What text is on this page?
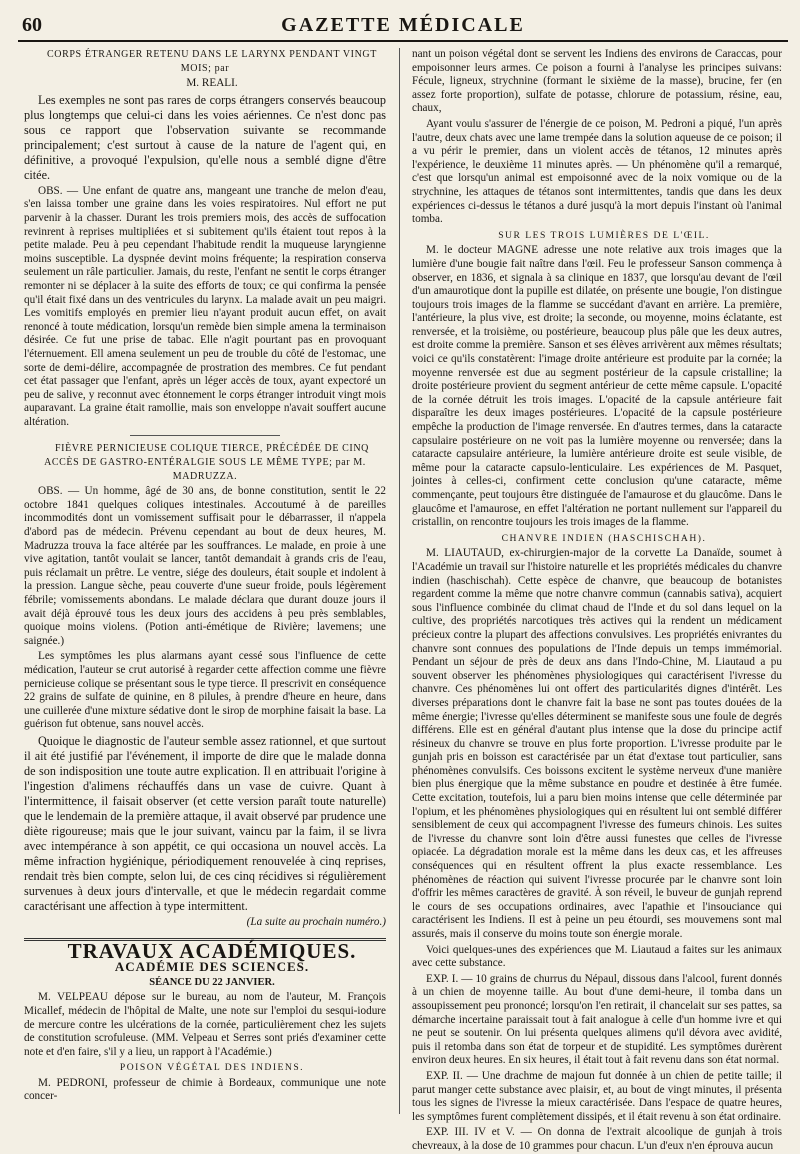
60	GAZETTE MÉDICALE

CORPS ÉTRANGER RETENU DANS LE LARYNX PENDANT VINGT MOIS; par

M. REALI.

Les exemples ne sont pas rares de corps étrangers conservés beaucoup plus longtemps que celui-ci dans les voies aériennes. Ce n'est donc pas sous ce rapport que l'observation suivante se recommande principalement; c'est surtout à cause de la nature de l'agent qui, en définitive, a provoqué l'expulsion, qu'elle nous a semblé digne d'être citée.

OBS. — Une enfant de quatre ans, mangeant une tranche de melon d'eau, s'en laissa tomber une graine dans les voies respiratoires. Nul effort ne put parvenir à la chasser. Durant les trois premiers mois, des accès de suffocation revinrent à reprises multipliées et si subitement qu'ils étaient tout repos à la petite malade. Peu à peu cependant l'habitude rendit la muqueuse laryngienne moins susceptible. La dyspnée devint moins fréquente; la respiration conserva seulement un râle particulier. Jamais, du reste, l'enfant ne sentit le corps étranger remonter ni se déplacer à la suite des efforts de toux; ce qui confirma la pensée qu'il était fixé dans un des ventricules du larynx. La malade avait un peu maigri. Les vomitifs employés en premier lieu n'ayant produit aucun effet, on avait renoncé à toute médication, lorsqu'un remède bien simple amena la terminaison désirée. Ce fut une prise de tabac. Elle n'agit pourtant pas en provoquant l'éternuement. Ell amena seulement un peu de trouble du côté de l'estomac, une sorte de demi-délire, accompagnée de prostration des membres. Ce fut pendant cet état passager que l'enfant, après un léger accès de toux, ayant expectoré un peu de salive, y reconnut avec étonnement le corps étranger introduit vingt mois auparavant. La graine était ramollie, mais son enveloppe n'avait souffert aucune altération.

FIÈVRE PERNICIEUSE COLIQUE TIERCE, PRÉCÉDÉE DE CINQ ACCÈS DE GASTRO-ENTÉRALGIE SOUS LE MÊME TYPE; par M. MADRUZZA.

OBS. — Un homme, âgé de 30 ans, de bonne constitution, sentit le 22 octobre 1841 quelques coliques intestinales. Accoutumé à de pareilles incommodités dont un vomissement suffisait pour le débarrasser, il n'appela d'abord pas de médecin. Prévenu cependant au bout de deux heures, M. Madruzza trouva la face altérée par les souffrances. Le malade, en proie à une vive agitation, tantôt voulait se lancer, tantôt demandait à grands cris de l'eau, puis réclamait un prêtre. Le ventre, siége des douleurs, était souple et indolent à la pression. Langue sèche, peau couverte d'une sueur froide, pouls légèrement fébrile; vomissements abondans. Le malade déclara que durant douze jours il avait déjà éprouvé tous les deux jours des accidens à peu près semblables, quoique moins violens. (Potion anti-émétique de Rivière; lavemens; une saignée.)

Les symptômes les plus alarmans ayant cessé sous l'influence de cette médication, l'auteur se crut autorisé à regarder cette affection comme une fièvre pernicieuse colique se présentant sous le type tierce. Il prescrivit en conséquence 22 grains de sulfate de quinine, en 8 pilules, à prendre d'heure en heure, dans une cuillerée d'une mixture sédative dont le sirop de morphine faisait la base. La guérison fut obtenue, sans nouvel accès.

Quoique le diagnostic de l'auteur semble assez rationnel, et que surtout il ait été justifié par l'événement, il importe de dire que le malade donna de son indisposition une toute autre explication. Il en attribuait l'origine à l'ingestion d'alimens réchauffés dans un vase de cuivre. Quant à l'intermittence, il faisait observer (et cette version paraît toute naturelle) que le lendemain de la première attaque, il avait observé par prudence une diète rigoureuse; mais que le jour suivant, vaincu par la faim, il se livra avec intempérance à son appétit, ce qui occasiona un nouvel accès. La même infraction hygiénique, périodiquement renouvelée à cinq reprises, rendait très bien compte, selon lui, de ces cinq récidives si régulièrement survenues à deux jours d'intervalle, et que le médecin regardait comme caractérisant une affection à type intermittent.

(La suite au prochain numéro.)

TRAVAUX ACADÉMIQUES.

ACADÉMIE DES SCIENCES.

SÉANCE DU 22 JANVIER.

M. VELPEAU dépose sur le bureau, au nom de l'auteur, M. François Micallef, médecin de l'hôpital de Malte, une note sur l'emploi du sesqui-iodure de mercure contre les ulcérations de la cornée, particulièrement chez les sujets de constitution scrofuleuse. (MM. Velpeau et Serres sont priés d'examiner cette note et d'en faire, s'il y a lieu, un rapport à l'Académie.)

POISON VÉGÉTAL DES INDIENS.

M. PEDRONI, professeur de chimie à Bordeaux, communique une note concer-

nant un poison végétal dont se servent les Indiens des environs de Caraccas, pour empoisonner leurs armes. Ce poison a fourni à l'analyse les principes suivans: Fécule, ligneux, strychnine (formant le sixième de la masse), brucine, fer (en assez forte proportion), sulfate de potasse, chlorure de potassium, résine, eau, chaux,

Ayant voulu s'assurer de l'énergie de ce poison, M. Pedroni a piqué, l'un après l'autre, deux chats avec une lame trempée dans la solution aqueuse de ce poison; il a vu périr le premier, dans un violent accès de tétanos, 12 minutes après l'expérience, le deuxième 11 minutes après. — Un phénomène qu'il a remarqué, c'est que lorsqu'un animal est empoisonné avec de la noix vomique ou de la strychnine, les attaques de tétanos sont intermittentes, tandis que dans les deux expériences ci-dessus le tétanos a duré jusqu'à la mort depuis l'instant où l'animal tomba.

SUR LES TROIS LUMIÈRES DE L'ŒIL.

M. le docteur MAGNE adresse une note relative aux trois images que la lumière d'une bougie fait naître dans l'œil. Feu le professeur Sanson commença à observer, en 1836, et signala à sa clinique en 1837, que lorsqu'au devant de l'œil d'un amaurotique dont la pupille est dilatée, on présente une bougie, l'on distingue toujours trois images de la flamme se succédant d'avant en arrière. La première, l'antérieure, la plus vive, est droite; la seconde, ou moyenne, moins éclatante, est renversée, et la troisième, ou postérieure, beaucoup plus pâle que les deux autres, est droite comme la première. Sanson et ses élèves arrivèrent aux mêmes résultats; voici ce qu'ils constatèrent: l'image droite antérieure est produite par la cornée; la moyenne renversée est due au segment postérieur de la capsule cristalline; la droite postérieure provient du segment antérieur de cette même capsule. L'opacité de la cornée détruit les trois images. L'opacité de la capsule antérieure fait disparaître les deux images postérieures. L'opacité de la capsule postérieure empêche la production de l'image renversée. En d'autres termes, dans la cataracte capsulaire postérieure on ne voit pas la lumière moyenne ou renversée; dans la cataracte capsulaire antérieure, la lumière antérieure droite est seule visible, de même pour la cataracte capsulo-lenticulaire. Les expériences de M. Pasquet, jointes à celles-ci, confirment cette conclusion qu'une cataracte, même commençante, peut toujours être distinguée de l'amaurose et du glaucôme. Dans le glaucôme et l'amaurose, en effet l'altération ne portant nullement sur l'appareil du cristallin, on rencontre toujours les trois images de la flamme.

CHANVRE INDIEN (HASCHISCHAH).

M. LIAUTAUD, ex-chirurgien-major de la corvette La Danaïde, soumet à l'Académie un travail sur l'histoire naturelle et les propriétés médicales du chanvre indien (haschischah). Cette espèce de chanvre, que beaucoup de botanistes regardent comme la même que notre chanvre commun (cannabis sativa), acquiert sous l'influence combinée du climat chaud de l'Inde et du sol dans lequel on la cultive, des propriétés narcotiques très actives qui la rendent un médicament précieux contre la plupart des affections convulsives. Les propriétés enivrantes du chanvre sont connues des populations de l'Inde depuis un temps immémorial. Pendant un séjour de près de deux ans dans l'Indo-Chine, M. Liautaud a pu souvent observer les phénomènes physiologiques qui caractérisent l'ivresse du chanvre. Ces phénomènes lui ont offert des particularités dignes d'intérêt. Les diverses préparations dont le chanvre fait la base ne sont pas toutes douées de la même énergie; l'ivresse qu'elles déterminent se manifeste sous une foule de degrés différens. Elle est en général d'autant plus intense que la dose du principe actif résineux du chanvre se trouve en plus forte proportion. L'ivresse produite par le gunjah pris en boisson est caractérisée par un état d'extase tout particulier, sans phénomènes convulsifs. Ces boissons excitent le système nerveux d'une manière bien plus énergique que la même substance en poudre et destinée à être fumée. Cette excitation, toutefois, lui a paru bien moins intense que celle déterminée par l'opium, et les phénomènes physiologiques qui en résultent lui ont semblé différer sensiblement de ceux qui accompagnent l'ivresse des fumeurs chinois. Les suites de l'ivresse du chanvre sont loin d'être aussi funestes que celles de l'ivresse opiacée. La dégradation morale est la même dans les deux cas, et les affreuses conséquences qui en résultent offrent la plus exacte ressemblance. Les phénomènes de réaction qui suivent l'ivresse procurée par le chanvre sont loin d'offrir les mêmes caractères de gravité. À son réveil, le buveur de gunjah reprend le cours de ses occupations ordinaires, avec l'apathie et l'insouciance qui caractérisent les Indiens. Il est à peine un peu étourdi, ses mouvemens sont mal assurés, mais il conserve du moins toute son énergie morale.

Voici quelques-unes des expériences que M. Liautaud a faites sur les animaux avec cette substance.

EXP. I. — 10 grains de churrus du Népaul, dissous dans l'alcool, furent donnés à un chien de moyenne taille. Au bout d'une demi-heure, il tomba dans un assoupissement peu prononcé; lorsqu'on l'en retirait, il chancelait sur ses pattes, sa démarche incertaine paraissait tout à fait analogue à celle d'un homme ivre et qui ne peut se soutenir. On lui présenta quelques alimens qu'il dévora avec avidité, puis il retomba dans son état de torpeur et de stupidité. Les symptômes durèrent environ deux heures. En six heures, il était tout à fait revenu dans son état normal.

EXP. II. — Une drachme de majoun fut donnée à un chien de petite taille; il parut manger cette substance avec plaisir, et, au bout de vingt minutes, il présenta tous les signes de l'ivresse la mieux caractérisée. Dans l'espace de quatre heures, les symptômes furent complètement dissipés, et il était revenu à son état ordinaire.

EXP. III. IV et V. — On donna de l'extrait alcoolique de gunjah à trois chevreaux, à la dose de 10 grammes pour chacun. L'un d'eux n'en éprouva aucun
